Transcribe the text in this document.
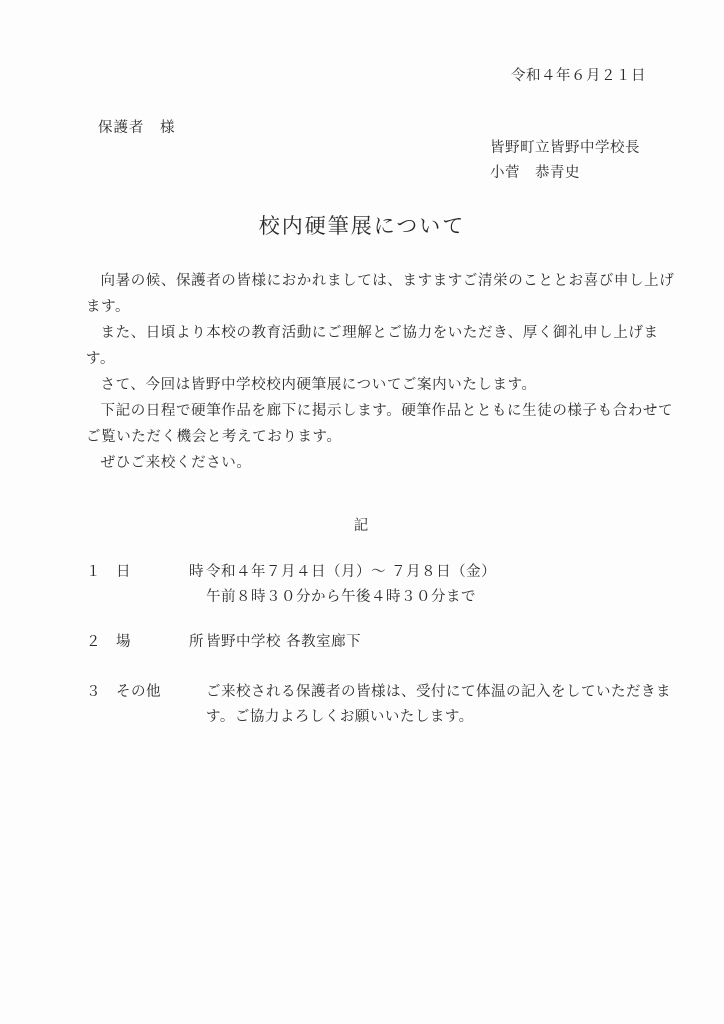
令和４年６月２１日
保護者　様
皆野町立皆野中学校長
小菅　恭青史
校内硬筆展について

向暑の候、保護者の皆様におかれましては、ますますご清栄のこととお喜び申し上げます。

また、日頃より本校の教育活動にご理解とご協力をいただき、厚く御礼申し上げます。

さて、今回は皆野中学校校内硬筆展についてご案内いたします。

下記の日程で硬筆作品を廊下に掲示します。硬筆作品とともに生徒の様子も合わせてご覧いただく機会と考えております。

ぜひご来校ください。

記
１ 日	時 令和４年７月４日（月）～ ７月８日（金）
午前８時３０分から午後４時３０分まで
２ 場	所 皆野中学校 各教室廊下
３ その他	ご来校される保護者の皆様は、受付にて体温の記入をしていただきます。ご協力よろしくお願いいたします。
